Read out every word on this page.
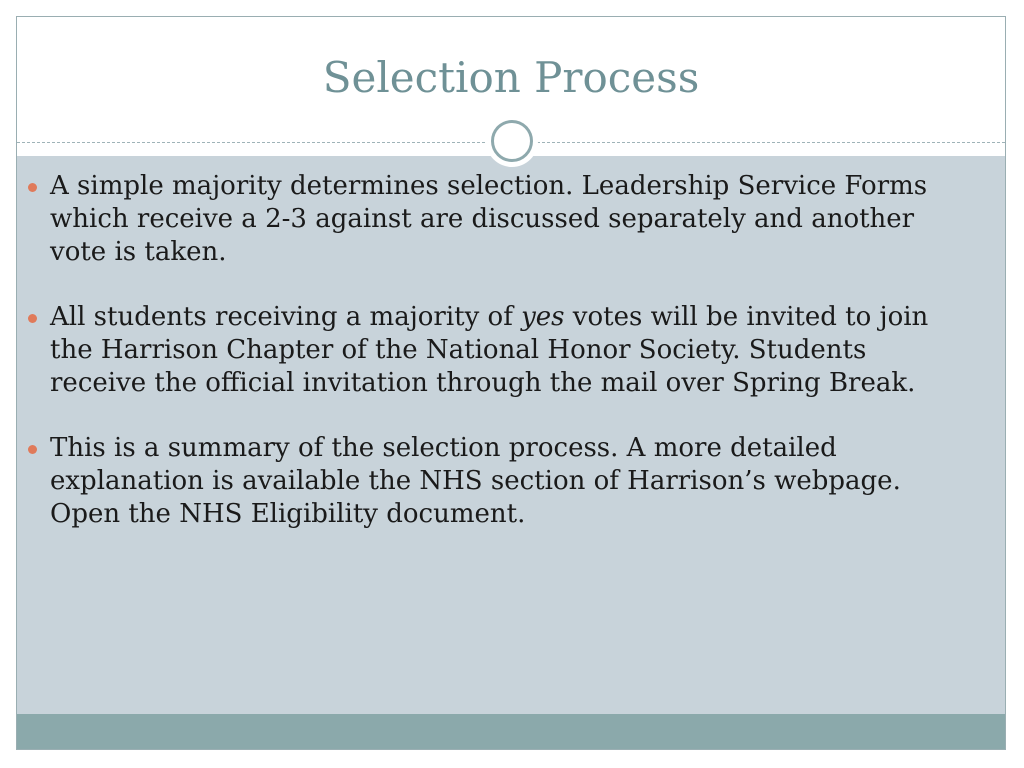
Selection Process
A simple majority determines selection. Leadership Service Forms which receive a 2-3 against are discussed separately and another vote is taken.
All students receiving a majority of yes votes will be invited to join the Harrison Chapter of the National Honor Society. Students receive the official invitation through the mail over Spring Break.
This is a summary of the selection process. A more detailed explanation is available the NHS section of Harrison’s webpage. Open the NHS Eligibility document.
